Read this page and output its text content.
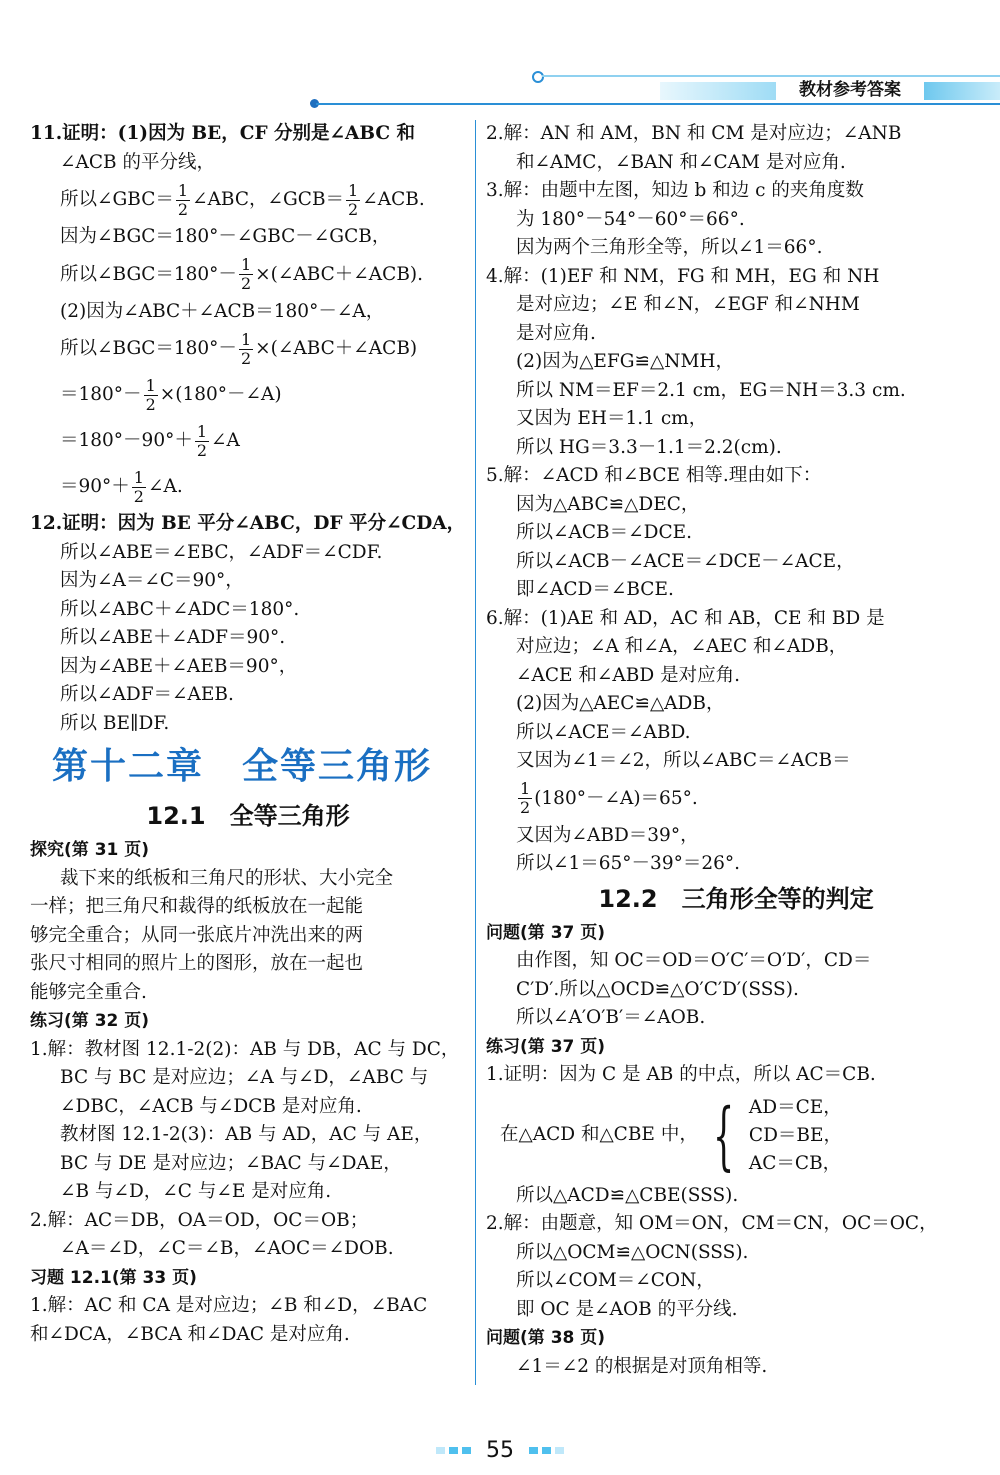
教材参考答案
11.证明：(1)因为 BE，CF 分别是∠ABC 和
∠ACB 的平分线，
所以∠GBC＝ $\frac{1}{2}$ ∠ABC，∠GCB＝ $\frac{1}{2}$ ∠ACB.
因为∠BGC＝180°－∠GBC－∠GCB，
所以∠BGC＝180°－ $\frac{1}{2}$ ×(∠ABC＋∠ACB).
(2)因为∠ABC＋∠ACB＝180°－∠A，
所以∠BGC＝180°－ $\frac{1}{2}$ ×(∠ABC＋∠ACB)
$=180^\circ- \frac{1}{2}$ ×(180°－∠A)
$=180^\circ-90^\circ+ \frac{1}{2}$ ∠A
$=90^\circ+ \frac{1}{2}$ ∠A.
12.证明：因为 BE 平分∠ABC，DF 平分∠CDA，
所以∠ABE＝∠EBC，∠ADF＝∠CDF.
因为∠A＝∠C＝90°，
所以∠ABC＋∠ADC＝180°.
所以∠ABE＋∠ADF＝90°.
因为∠ABE＋∠AEB＝90°，
所以∠ADF＝∠AEB.
所以 BE∥DF.
第十二章　全等三角形
12.1　全等三角形
探究(第 31 页)
裁下来的纸板和三角尺的形状、大小完全
一样；把三角尺和裁得的纸板放在一起能
够完全重合；从同一张底片冲洗出来的两
张尺寸相同的照片上的图形，放在一起也
能够完全重合.
练习(第 32 页)
1.解：教材图 12.1-2(2)：AB 与 DB，AC 与 DC，
BC 与 BC 是对应边；∠A 与∠D，∠ABC 与
∠DBC，∠ACB 与∠DCB 是对应角.
教材图 12.1-2(3)：AB 与 AD，AC 与 AE，
BC 与 DE 是对应边；∠BAC 与∠DAE，
∠B 与∠D，∠C 与∠E 是对应角.
2.解：AC＝DB，OA＝OD，OC＝OB；
∠A＝∠D，∠C＝∠B，∠AOC＝∠DOB.
习题 12.1(第 33 页)
1.解：AC 和 CA 是对应边；∠B 和∠D，∠BAC
和∠DCA，∠BCA 和∠DAC 是对应角.
2.解：AN 和 AM，BN 和 CM 是对应边；∠ANB
和∠AMC，∠BAN 和∠CAM 是对应角.
3.解：由题中左图，知边 b 和边 c 的夹角度数
为 180°－54°－60°＝66°.
因为两个三角形全等，所以∠1＝66°.
4.解：(1)EF 和 NM，FG 和 MH，EG 和 NH
是对应边；∠E 和∠N，∠EGF 和∠NHM
是对应角.
(2)因为△EFG≌△NMH，
所以 NM＝EF＝2.1 cm，EG＝NH＝3.3 cm.
又因为 EH＝1.1 cm，
所以 HG＝3.3－1.1＝2.2(cm).
5.解：∠ACD 和∠BCE 相等.理由如下：
因为△ABC≌△DEC，
所以∠ACB＝∠DCE.
所以∠ACB－∠ACE＝∠DCE－∠ACE，
即∠ACD＝∠BCE.
6.解：(1)AE 和 AD，AC 和 AB，CE 和 BD 是
对应边；∠A 和∠A，∠AEC 和∠ADB，
∠ACE 和∠ABD 是对应角.
(2)因为△AEC≌△ADB，
所以∠ACE＝∠ABD.
又因为∠1＝∠2，所以∠ABC＝∠ACB＝
$\frac{1}{2}$ (180°－∠A)＝65°.
又因为∠ABD＝39°，
所以∠1＝65°－39°＝26°.
12.2　三角形全等的判定
问题(第 37 页)
由作图，知 OC＝OD＝O′C′＝O′D′，CD＝
C′D′.所以△OCD≌△O′C′D′(SSS).
所以∠A′O′B′＝∠AOB.
练习(第 37 页)
1.证明：因为 C 是 AB 的中点，所以 AC＝CB.
在△ACD 和△CBE 中， { AD＝CE，
CD＝BE，
AC＝CB，
所以△ACD≌△CBE(SSS).
2.解：由题意，知 OM＝ON，CM＝CN，OC＝OC，
所以△OCM≌△OCN(SSS).
所以∠COM＝∠CON，
即 OC 是∠AOB 的平分线.
问题(第 38 页)
∠1＝∠2 的根据是对顶角相等.
55
